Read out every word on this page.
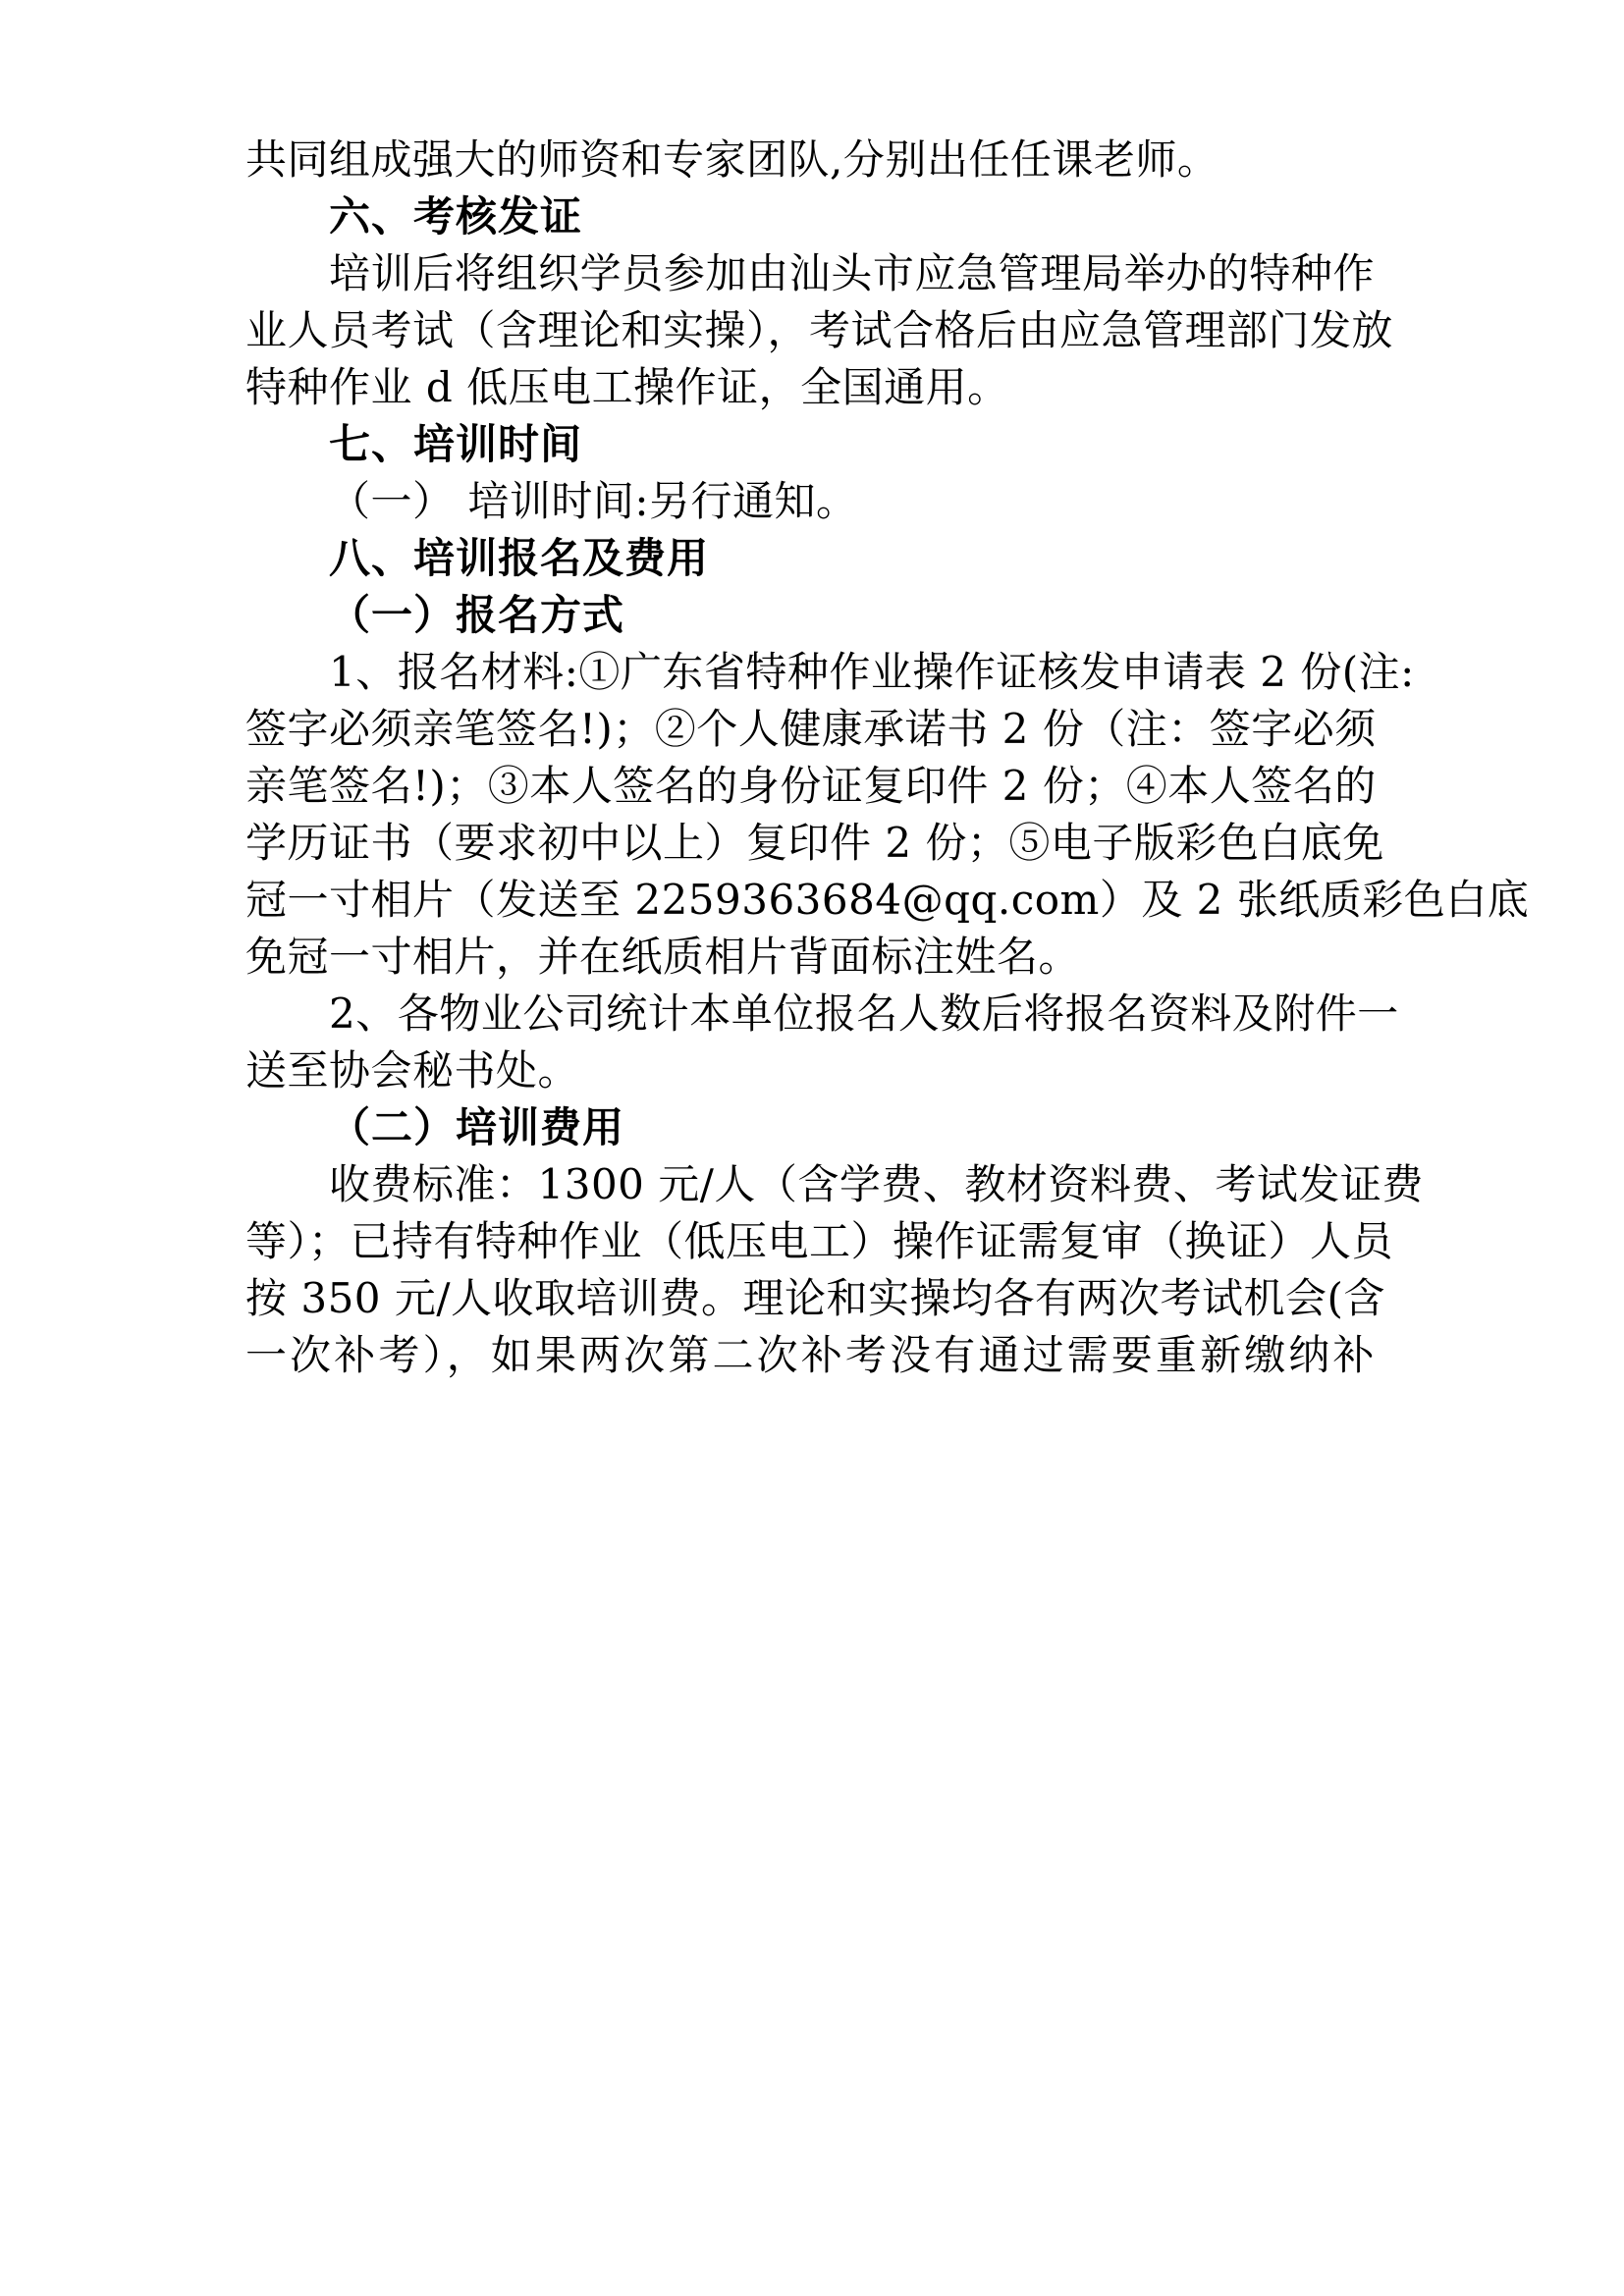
共同组成强大的师资和专家团队,分别出任任课老师。
六、考核发证
培训后将组织学员参加由汕头市应急管理局举办的特种作
业人员考试（含理论和实操），考试合格后由应急管理部门发放
特种作业 d 低压电工操作证，全国通用。
七、培训时间
（一） 培训时间:另行通知。
八、培训报名及费用
（一）报名方式
1、报名材料:①广东省特种作业操作证核发申请表 2 份(注:
签字必须亲笔签名!)；②个人健康承诺书 2 份（注：签字必须
亲笔签名!)；③本人签名的身份证复印件 2 份；④本人签名的
学历证书（要求初中以上）复印件 2 份；⑤电子版彩色白底免
冠一寸相片（发送至 2259363684@qq.com）及 2 张纸质彩色白底
免冠一寸相片，并在纸质相片背面标注姓名。
2、各物业公司统计本单位报名人数后将报名资料及附件一
送至协会秘书处。
（二）培训费用
收费标准：1300 元/人（含学费、教材资料费、考试发证费
等）；已持有特种作业（低压电工）操作证需复审（换证）人员
按 350 元/人收取培训费。理论和实操均各有两次考试机会(含
一次补考），如果两次第二次补考没有通过需要重新缴纳补
